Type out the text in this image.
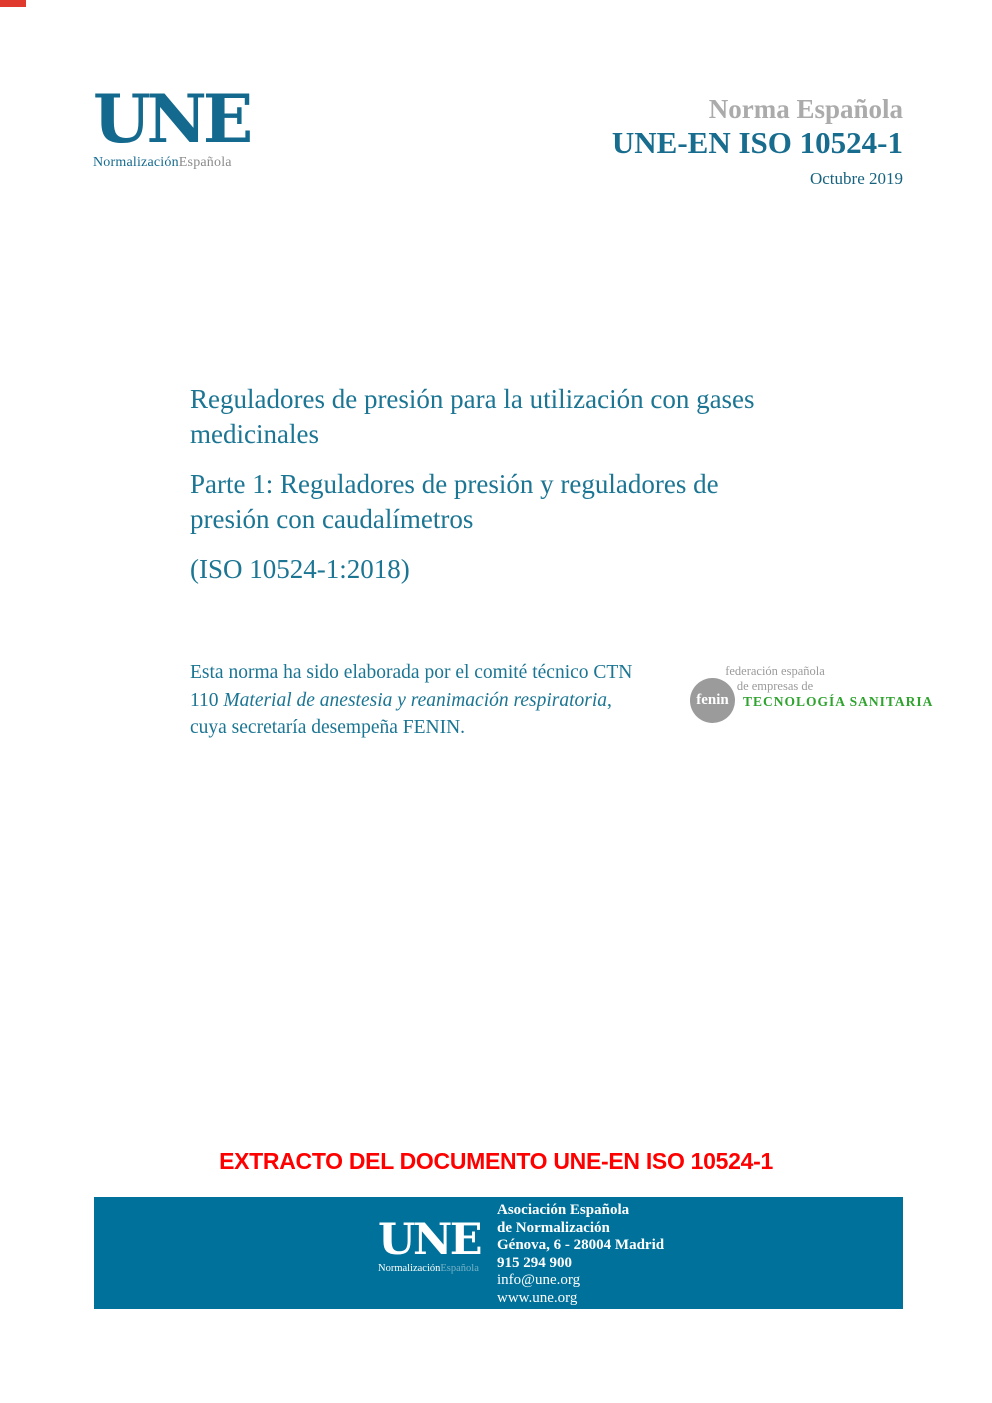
UNE
NormalizaciónEspañola
Norma Española
UNE-EN ISO 10524-1
Octubre 2019

Reguladores de presión para la utilización con gases
medicinales

Parte 1: Reguladores de presión y reguladores de
presión con caudalímetros

(ISO 10524-1:2018)

Esta norma ha sido elaborada por el comité técnico CTN 110 Material de anestesia y reanimación respiratoria, cuya secretaría desempeña FENIN.
fenin
federación española
de empresas de
TECNOLOGÍA SANITARIA
EXTRACTO DEL DOCUMENTO UNE-EN ISO 10524-1
UNE
NormalizaciónEspañola
Asociación Española
de Normalización
Génova, 6 - 28004 Madrid
915 294 900
info@une.org
www.une.org
